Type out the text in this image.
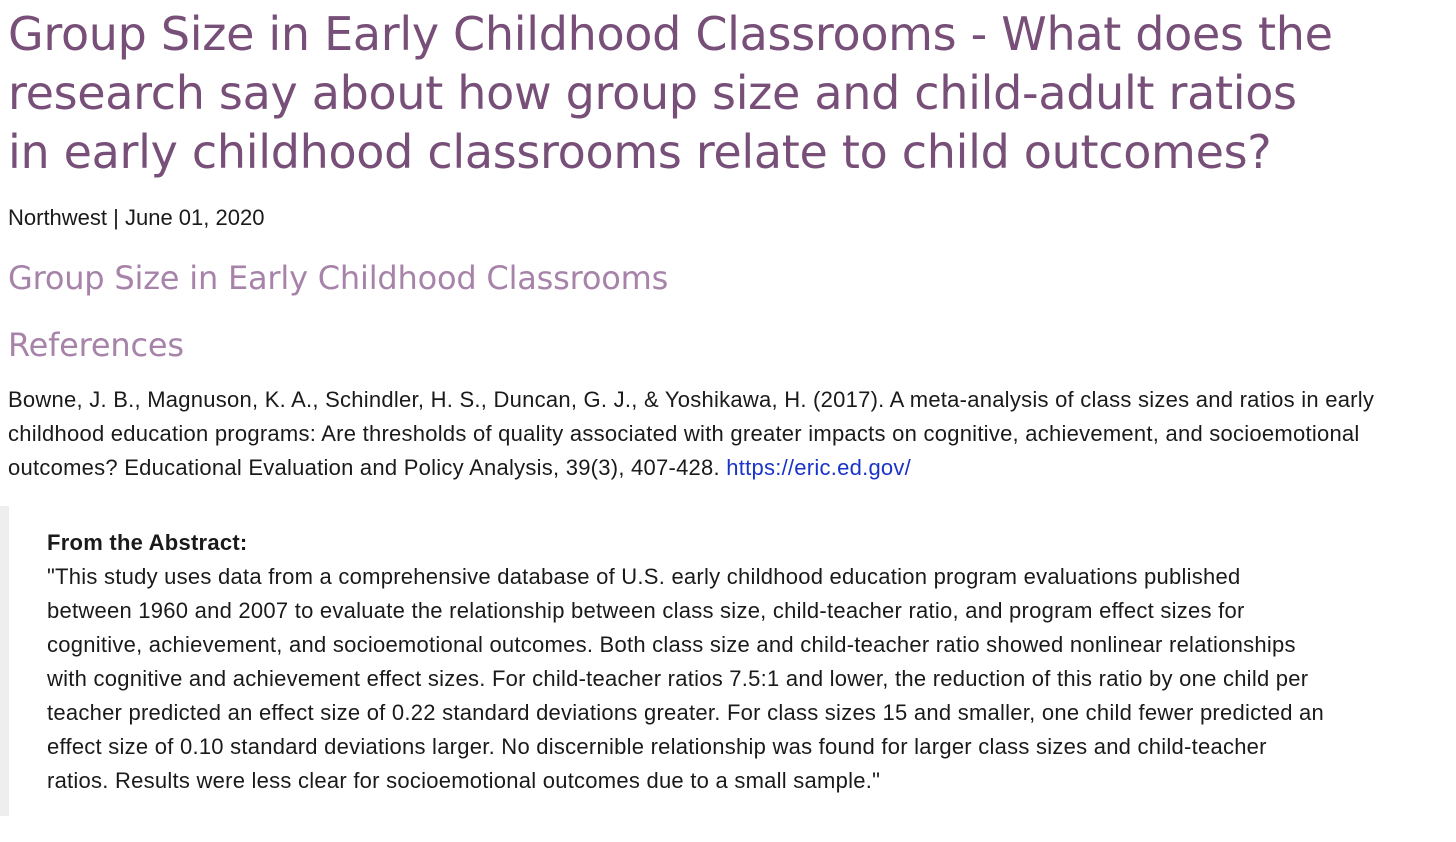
Group Size in Early Childhood Classrooms - What does the
research say about how group size and child-adult ratios
in early childhood classrooms relate to child outcomes?
Northwest | June 01, 2020
Group Size in Early Childhood Classrooms
References
Bowne, J. B., Magnuson, K. A., Schindler, H. S., Duncan, G. J., & Yoshikawa, H. (2017). A meta-analysis of class sizes and ratios in early
childhood education programs: Are thresholds of quality associated with greater impacts on cognitive, achievement, and socioemotional
outcomes? Educational Evaluation and Policy Analysis, 39(3), 407-428. https://eric.ed.gov/
From the Abstract:
"This study uses data from a comprehensive database of U.S. early childhood education program evaluations published
between 1960 and 2007 to evaluate the relationship between class size, child-teacher ratio, and program effect sizes for
cognitive, achievement, and socioemotional outcomes. Both class size and child-teacher ratio showed nonlinear relationships
with cognitive and achievement effect sizes. For child-teacher ratios 7.5:1 and lower, the reduction of this ratio by one child per
teacher predicted an effect size of 0.22 standard deviations greater. For class sizes 15 and smaller, one child fewer predicted an
effect size of 0.10 standard deviations larger. No discernible relationship was found for larger class sizes and child-teacher
ratios. Results were less clear for socioemotional outcomes due to a small sample."
